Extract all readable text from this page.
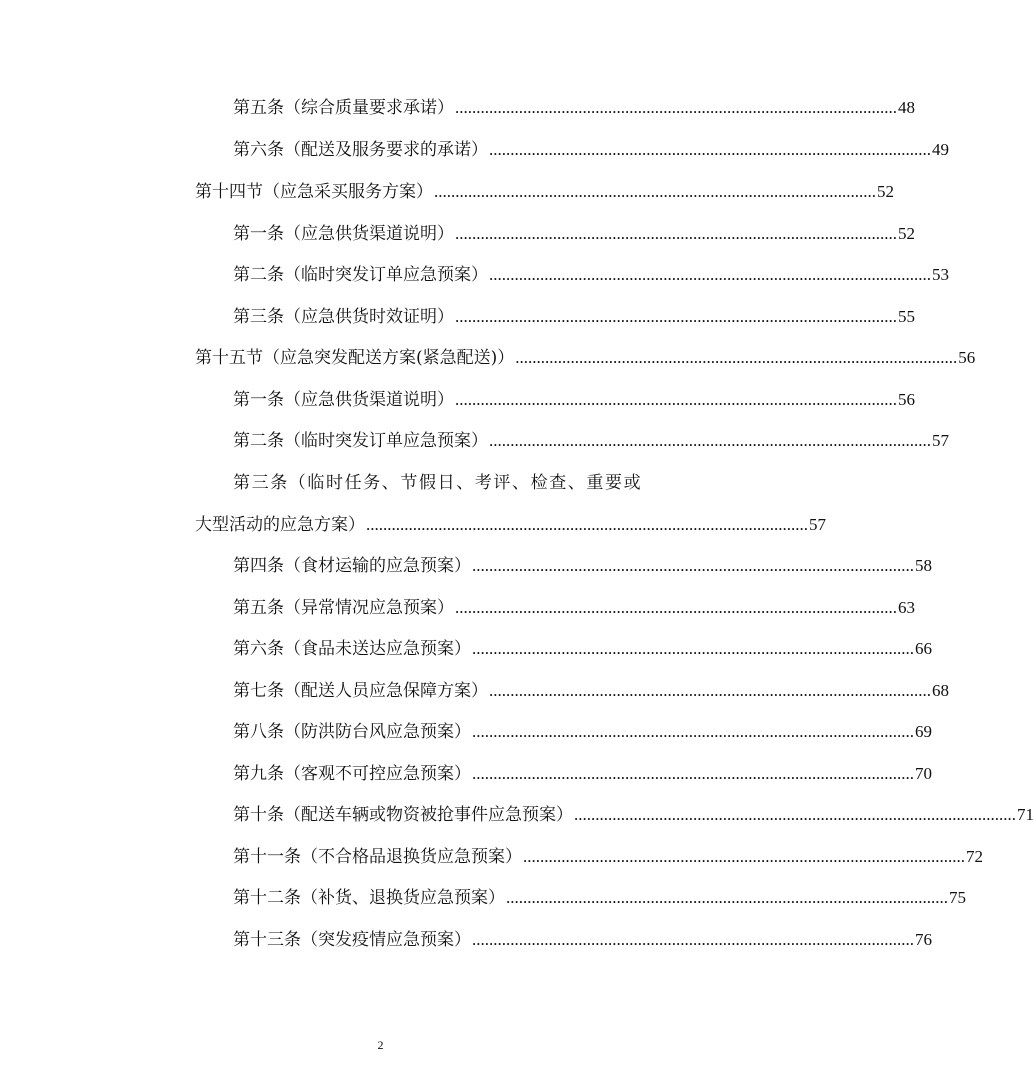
第五条（综合质量要求承诺） ........................................................................................................ 48
第六条（配送及服务要求的承诺） ........................................................................................................ 49
第十四节（应急采买服务方案） ........................................................................................................ 52
第一条（应急供货渠道说明） ........................................................................................................ 52
第二条（临时突发订单应急预案） ........................................................................................................ 53
第三条（应急供货时效证明） ........................................................................................................ 55
第十五节（应急突发配送方案(紧急配送)） ........................................................................................................ 56
第一条（应急供货渠道说明） ........................................................................................................ 56
第二条（临时突发订单应急预案） ........................................................................................................ 57
第三条（临时任务、节假日、考评、检查、重要或
大型活动的应急方案） ........................................................................................................ 57
第四条（食材运输的应急预案） ........................................................................................................ 58
第五条（异常情况应急预案） ........................................................................................................ 63
第六条（食品未送达应急预案） ........................................................................................................ 66
第七条（配送人员应急保障方案） ........................................................................................................ 68
第八条（防洪防台风应急预案） ........................................................................................................ 69
第九条（客观不可控应急预案） ........................................................................................................ 70
第十条（配送车辆或物资被抢事件应急预案） ........................................................................................................ 71
第十一条（不合格品退换货应急预案） ........................................................................................................ 72
第十二条（补货、退换货应急预案） ........................................................................................................ 75
第十三条（突发疫情应急预案） ........................................................................................................ 76
2
